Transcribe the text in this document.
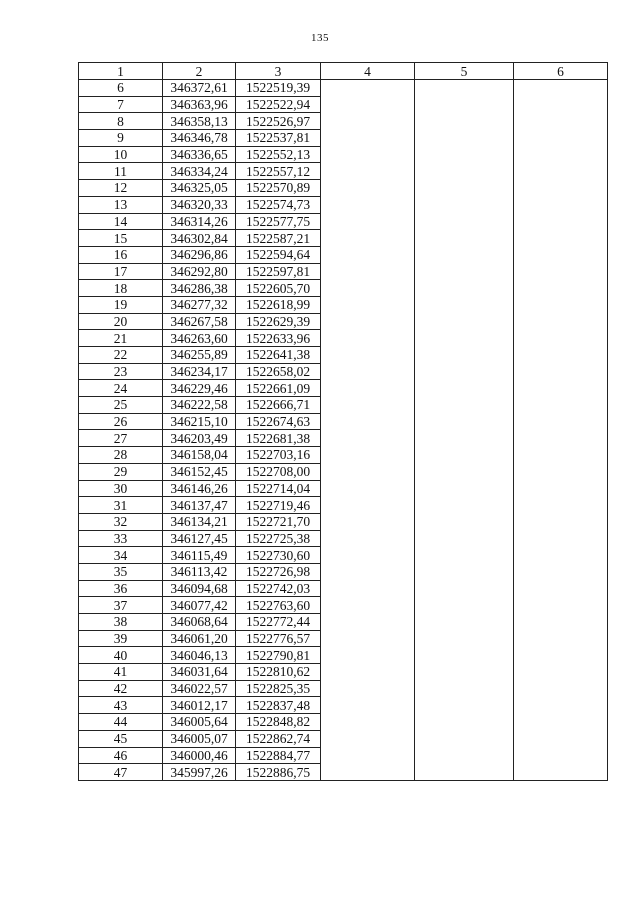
135
1	2	3	4	5	6
6	346372,61	1522519,39			
7	346363,96	1522522,94			
8	346358,13	1522526,97			
9	346346,78	1522537,81			
10	346336,65	1522552,13			
11	346334,24	1522557,12			
12	346325,05	1522570,89			
13	346320,33	1522574,73			
14	346314,26	1522577,75			
15	346302,84	1522587,21			
16	346296,86	1522594,64			
17	346292,80	1522597,81			
18	346286,38	1522605,70			
19	346277,32	1522618,99			
20	346267,58	1522629,39			
21	346263,60	1522633,96			
22	346255,89	1522641,38			
23	346234,17	1522658,02			
24	346229,46	1522661,09			
25	346222,58	1522666,71			
26	346215,10	1522674,63			
27	346203,49	1522681,38			
28	346158,04	1522703,16			
29	346152,45	1522708,00			
30	346146,26	1522714,04			
31	346137,47	1522719,46			
32	346134,21	1522721,70			
33	346127,45	1522725,38			
34	346115,49	1522730,60			
35	346113,42	1522726,98			
36	346094,68	1522742,03			
37	346077,42	1522763,60			
38	346068,64	1522772,44			
39	346061,20	1522776,57			
40	346046,13	1522790,81			
41	346031,64	1522810,62			
42	346022,57	1522825,35			
43	346012,17	1522837,48			
44	346005,64	1522848,82			
45	346005,07	1522862,74			
46	346000,46	1522884,77			
47	345997,26	1522886,75			
